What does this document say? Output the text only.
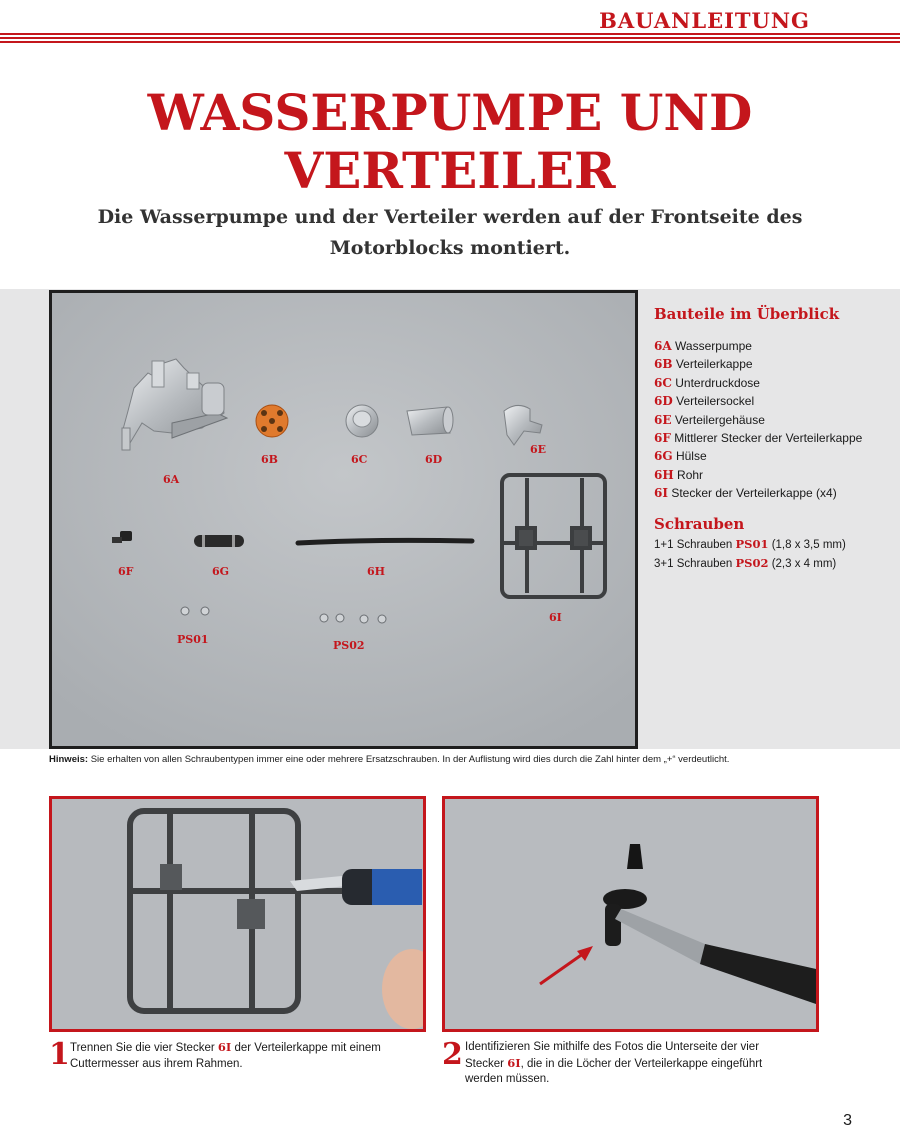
BAUANLEITUNG
WASSERPUMPE UND
VERTEILER
Die Wasserpumpe und der Verteiler werden auf der Frontseite des
Motorblocks montiert.
6A
6B	6C	6D
6E
6F	6G	6H
6I
PS01	PS02
Bauteile im Überblick
6A Wasserpumpe
6B Verteilerkappe
6C Unterdruckdose
6D Verteilersockel
6E Verteilergehäuse
6F Mittlerer Stecker der Verteilerkappe
6G Hülse
6H Rohr
6I Stecker der Verteilerkappe (x4)
Schrauben
1+1 Schrauben PS01 (1,8 x 3,5 mm)
3+1 Schrauben PS02 (2,3 x 4 mm)
Hinweis: Sie erhalten von allen Schraubentypen immer eine oder mehrere Ersatzschrauben. In der Auflistung wird dies durch die Zahl hinter dem „+“ verdeutlicht.
1 Trennen Sie die vier Stecker 6I der Verteilerkappe mit einem
Cuttermesser aus ihrem Rahmen.	2 Identifizieren Sie mithilfe des Fotos die Unterseite der vier
Stecker 6I, die in die Löcher der Verteilerkappe eingeführt
werden müssen.
3
